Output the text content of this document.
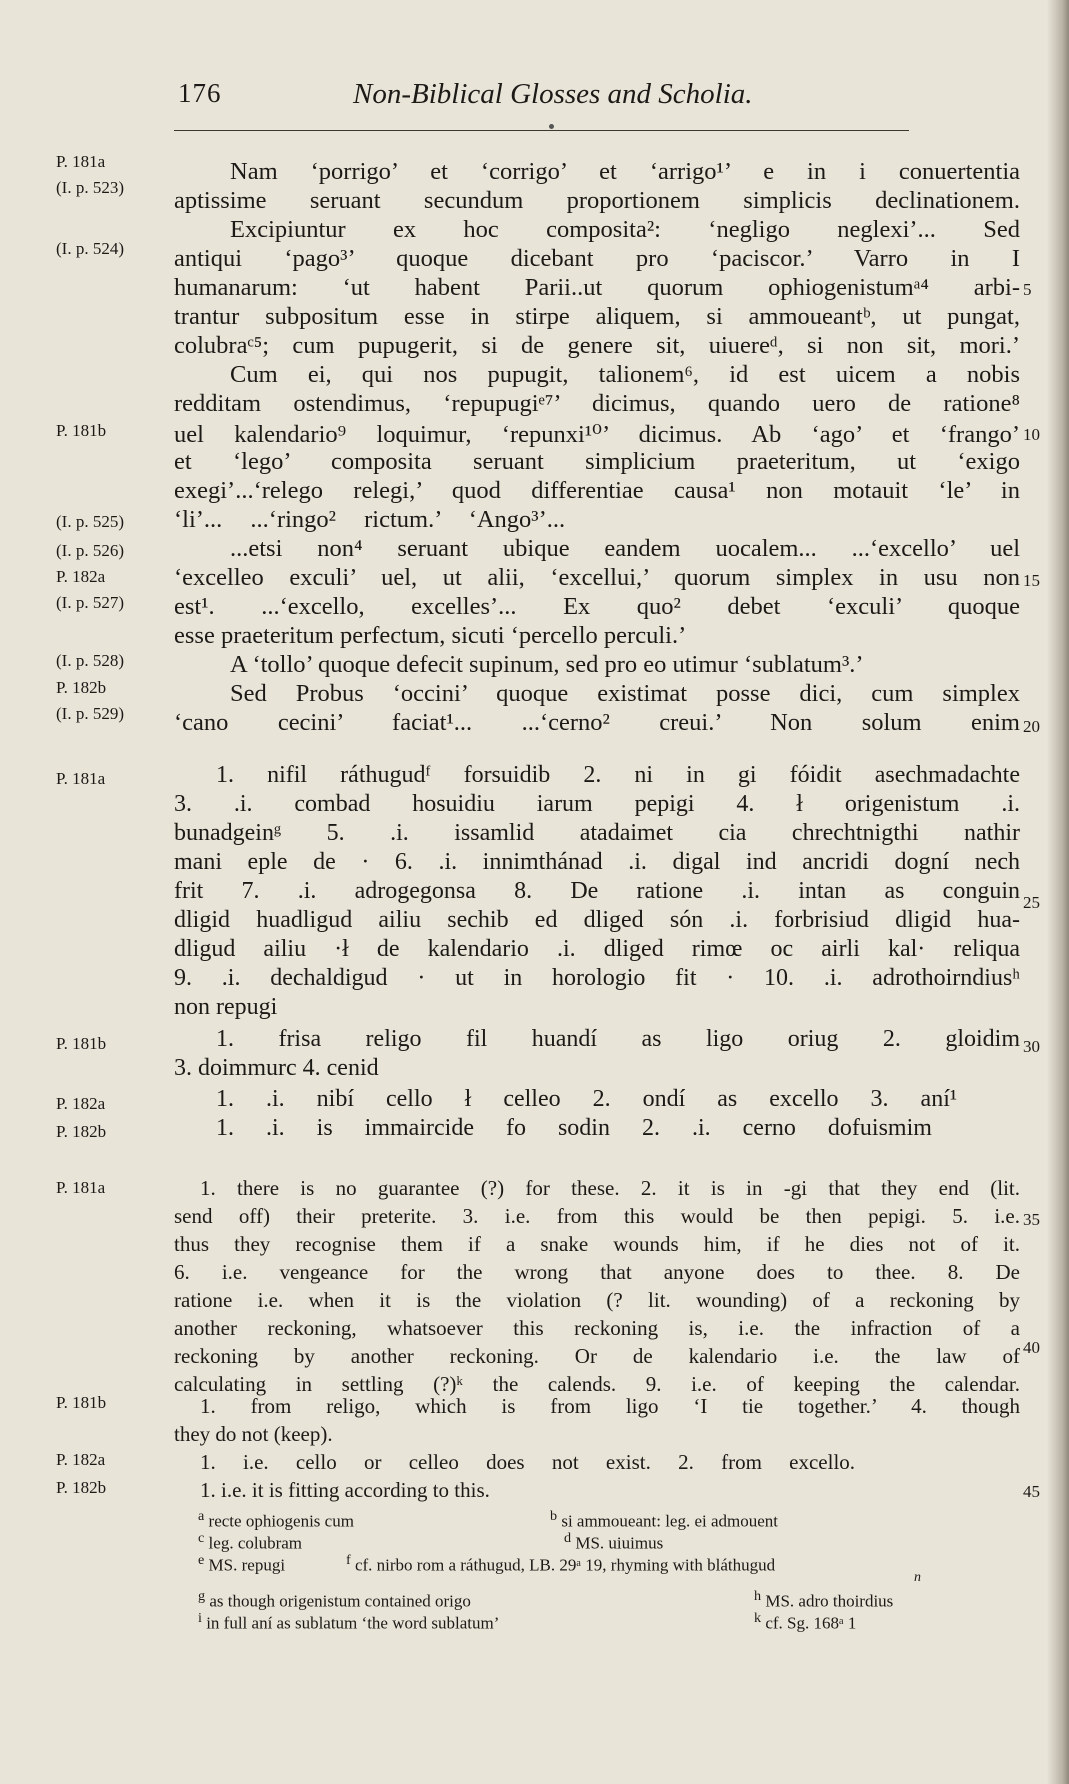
176	Non-Biblical Glosses and Scholia.
P. 181a
(I. p. 523)
(I. p. 524)
P. 181b
(I. p. 525)
(I. p. 526)
P. 182a
(I. p. 527)
(I. p. 528)
P. 182b
(I. p. 529)
P. 181a
P. 181b
P. 182a
P. 182b
P. 181a
P. 181b
P. 182a
P. 182b
5
10
15
20
25
30
35
40
45
Nam ‘porrigo’ et ‘corrigo’ et ‘arrigo¹’ e in i conuertentia
aptissime seruant secundum proportionem simplicis declinationem.
Excipiuntur ex hoc composita²: ‘negligo neglexi’... Sed
antiqui ‘pago³’ quoque dicebant pro ‘paciscor.’ Varro in I
humanarum: ‘ut habent Parii..ut quorum ophiogenistumᵃ⁴ arbi-
trantur subpositum esse in stirpe aliquem, si ammoueantᵇ, ut pungat,
colubraᶜ⁵; cum pupugerit, si de genere sit, uiuereᵈ, si non sit, mori.’
Cum ei, qui nos pupugit, talionem⁶, id est uicem a nobis
redditam ostendimus, ‘repupugiᵉ⁷’ dicimus, quando uero de ratione⁸
uel kalendario⁹ loquimur, ‘repunxi¹⁰’ dicimus. Ab ‘ago’ et ‘frango’
et ‘lego’ composita seruant simplicium praeteritum, ut ‘exigo
exegi’...‘relego relegi,’ quod differentiae causa¹ non motauit ‘le’ in
‘li’... ...‘ringo² rictum.’ ‘Ango³’...
...etsi non⁴ seruant ubique eandem uocalem... ...‘excello’ uel
‘excelleo exculi’ uel, ut alii, ‘excellui,’ quorum simplex in usu non
est¹. ...‘excello, excelles’... Ex quo² debet ‘exculi’ quoque
esse praeteritum perfectum, sicuti ‘percello perculi.’
A ‘tollo’ quoque defecit supinum, sed pro eo utimur ‘sublatum³.’
Sed Probus ‘occini’ quoque existimat posse dici, cum simplex
‘cano cecini’ faciat¹... ...‘cerno² creui.’ Non solum enim
1. nifil ráthugudᶠ forsuidib 2. ni in gi fóidit asechmadachte
3. .i. combad hosuidiu iarum pepigi 4. ł origenistum .i.
bunadgeinᵍ 5. .i. issamlid atadaimet cia chrechtnigthi nathir
mani eple de · 6. .i. innimthánad .i. digal ind ancridi dogní nech
frit 7. .i. adrogegonsa 8. De ratione .i. intan as conguin
dligid huadligud ailiu sechib ed dliged són .i. forbrisiud dligid hua-
dligud ailiu ·ł de kalendario .i. dliged rimœ oc airli kal· reliqua
9. .i. dechaldigud · ut in horologio fit · 10. .i. adrothoirndiusʰ
non repugi
1. frisa religo fil huandí as ligo oriug 2. gloidim
3. doimmurc 4. cenid
1. .i. nibí cello ł celleo 2. ondí as excello 3. aní¹
1. .i. is immaircide fo sodin 2. .i. cerno dofuismim
1. there is no guarantee (?) for these. 2. it is in -gi that they end (lit.
send off) their preterite. 3. i.e. from this would be then pepigi. 5. i.e.
thus they recognise them if a snake wounds him, if he dies not of it.
6. i.e. vengeance for the wrong that anyone does to thee. 8. De
ratione i.e. when it is the violation (? lit. wounding) of a reckoning by
another reckoning, whatsoever this reckoning is, i.e. the infraction of a
reckoning by another reckoning. Or de kalendario i.e. the law of
calculating in settling (?)ᵏ the calends. 9. i.e. of keeping the calendar.
1. from religo, which is from ligo ‘I tie together.’ 4. though
they do not (keep).
1. i.e. cello or celleo does not exist. 2. from excello.
1. i.e. it is fitting according to this.
$^a$ recte ophiogenis cum	$^b$ si ammoueant: leg. ei admouent
$^c$ leg. colubram	$^d$ MS. uiuimus
$^e$ MS. repugi	$^f$ cf. nirbo rom a ráthugud, LB. 29ᵃ 19, rhyming with bláthugud
n
$^g$ as though origenistum contained origo	$^h$ MS. adro thoirdius
$^i$ in full aní as sublatum ‘the word sublatum’	$^k$ cf. Sg. 168ᵃ 1
